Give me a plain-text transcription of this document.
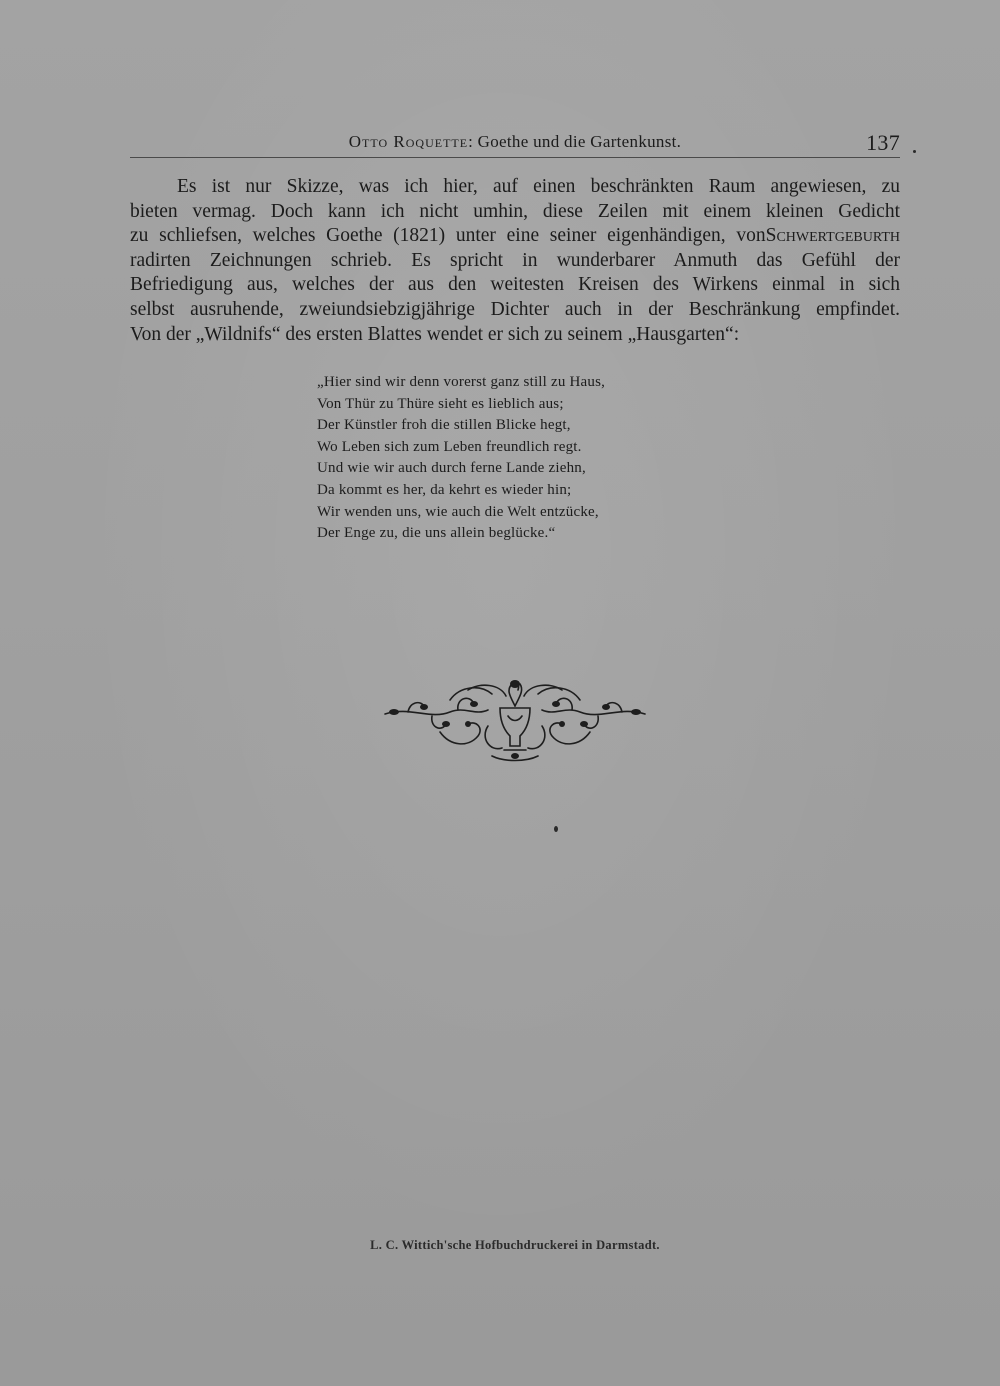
Otto Roquette: Goethe und die Gartenkunst.	137
Es ist nur Skizze, was ich hier, auf einen beschränkten Raum angewiesen, zu
bieten vermag. Doch kann ich nicht umhin, diese Zeilen mit einem kleinen Gedicht
zu schliefsen, welches Goethe (1821) unter eine seiner eigenhändigen, vonSchwertgeburth
radirten Zeichnungen schrieb. Es spricht in wunderbarer Anmuth das Gefühl der
Befriedigung aus, welches der aus den weitesten Kreisen des Wirkens einmal in sich
selbst ausruhende, zweiundsiebzigjährige Dichter auch in der Beschränkung empfindet.
Von der „Wildnifs“ des ersten Blattes wendet er sich zu seinem „Hausgarten“:
„Hier sind wir denn vorerst ganz still zu Haus,
Von Thür zu Thüre sieht es lieblich aus;
Der Künstler froh die stillen Blicke hegt,
Wo Leben sich zum Leben freundlich regt.
Und wie wir auch durch ferne Lande ziehn,
Da kommt es her, da kehrt es wieder hin;
Wir wenden uns, wie auch die Welt entzücke,
Der Enge zu, die uns allein beglücke.“
L. C. Wittich'sche Hofbuchdruckerei in Darmstadt.
